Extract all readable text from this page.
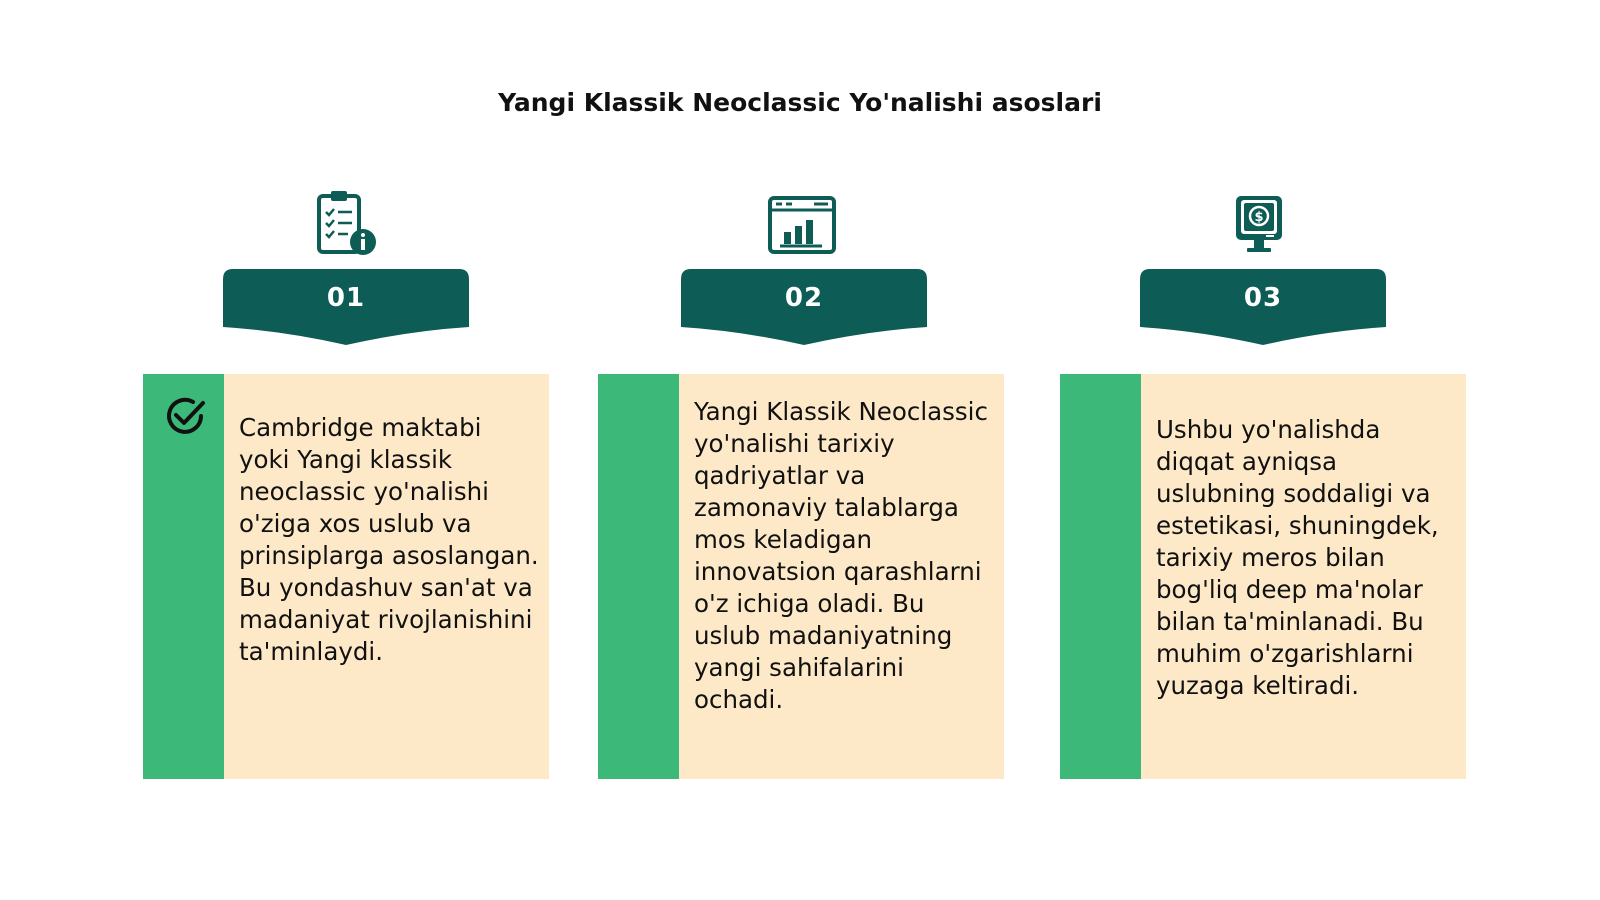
Yangi Klassik Neoclassic Yo'nalishi asoslari
01

Cambridge maktabi yoki Yangi klassik neoclassic yo'nalishi o'ziga xos uslub va prinsiplarga asoslangan. Bu yondashuv san'at va madaniyat rivojlanishini ta'minlaydi.

02

Yangi Klassik Neoclassic yo'nalishi tarixiy qadriyatlar va zamonaviy talablarga mos keladigan innovatsion qarashlarni o'z ichiga oladi. Bu uslub madaniyatning yangi sahifalarini ochadi.

$
03

Ushbu yo'nalishda diqqat ayniqsa uslubning soddaligi va estetikasi, shuningdek, tarixiy meros bilan bog'liq deep ma'nolar bilan ta'minlanadi. Bu muhim o'zgarishlarni yuzaga keltiradi.
